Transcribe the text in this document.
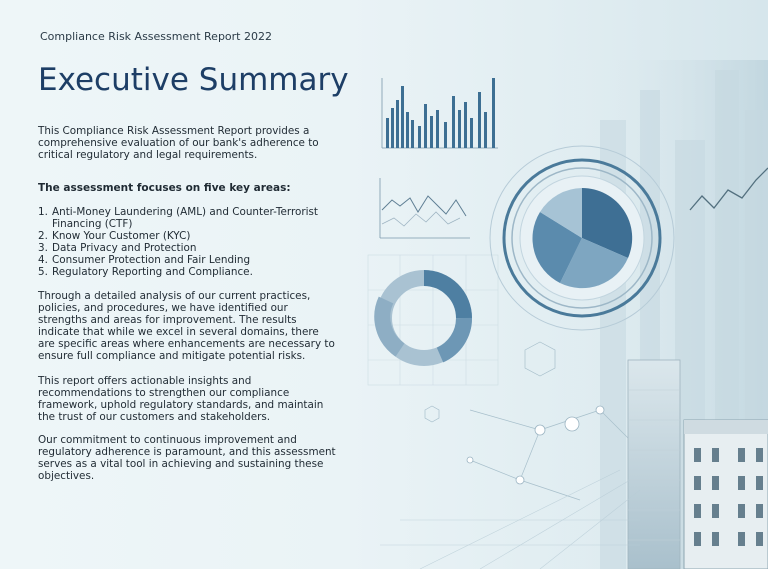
Compliance Risk Assessment Report 2022
Executive Summary
This Compliance Risk Assessment Report provides a comprehensive evaluation of our bank's adherence to critical regulatory and legal requirements.
The assessment focuses on five key areas:
1. Anti-Money Laundering (AML) and Counter-Terrorist Financing (CTF)
2. Know Your Customer (KYC)
3. Data Privacy and Protection
4. Consumer Protection and Fair Lending
5. Regulatory Reporting and Compliance.
Through a detailed analysis of our current practices, policies, and procedures, we have identified our strengths and areas for improvement. The results indicate that while we excel in several domains, there are specific areas where enhancements are necessary to ensure full compliance and mitigate potential risks.
This report offers actionable insights and recommendations to strengthen our compliance framework, uphold regulatory standards, and maintain the trust of our customers and stakeholders.
Our commitment to continuous improvement and regulatory adherence is paramount, and this assessment serves as a vital tool in achieving and sustaining these objectives.
